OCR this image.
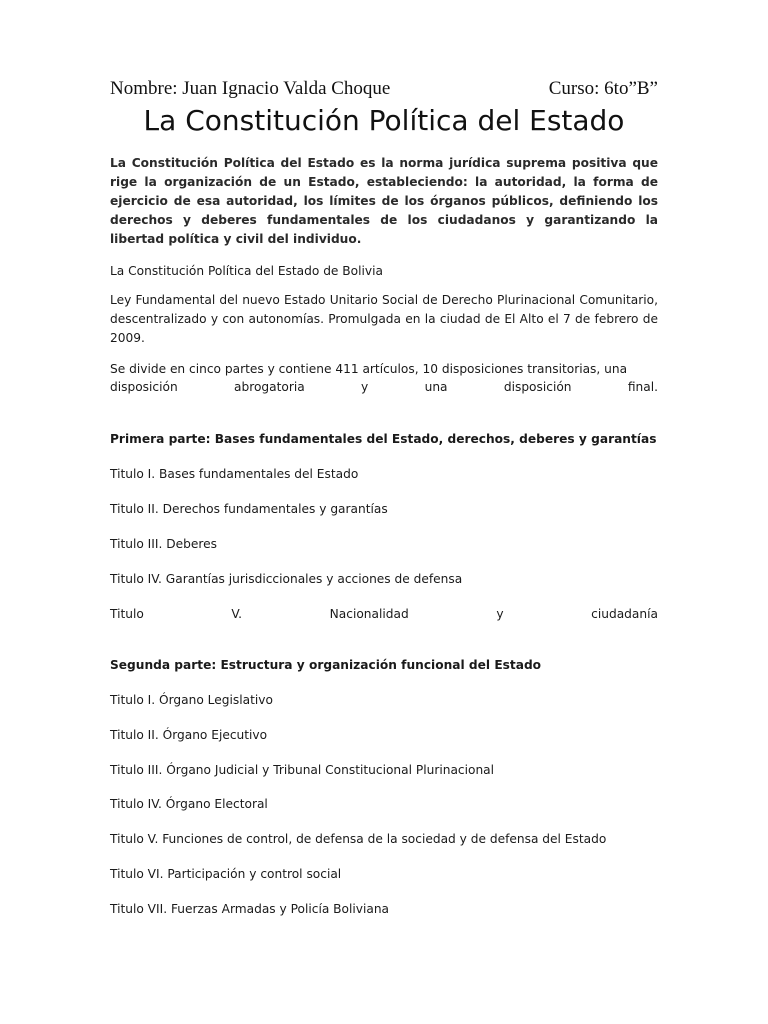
Nombre: Juan Ignacio Valda Choque	Curso: 6to”B”
La Constitución Política del Estado

La Constitución Política del Estado es la norma jurídica suprema positiva que rige la organización de un Estado, estableciendo: la autoridad, la forma de ejercicio de esa autoridad, los límites de los órganos públicos, definiendo los derechos y deberes fundamentales de los ciudadanos y garantizando la libertad política y civil del individuo.

La Constitución Política del Estado de Bolivia

Ley Fundamental del nuevo Estado Unitario Social de Derecho Plurinacional Comunitario, descentralizado y con autonomías. Promulgada en la ciudad de El Alto el 7 de febrero de 2009.

Se divide en cinco partes y contiene 411 artículos, 10 disposiciones transitorias, una

disposición	abrogatoria	y	una	disposición	final.

Primera parte: Bases fundamentales del Estado, derechos, deberes y garantías

Titulo I. Bases fundamentales del Estado

Titulo II. Derechos fundamentales y garantías

Titulo III. Deberes

Titulo IV. Garantías jurisdiccionales y acciones de defensa

Titulo	V.	Nacionalidad	y	ciudadanía

Segunda parte: Estructura y organización funcional del Estado

Titulo I. Órgano Legislativo

Titulo II. Órgano Ejecutivo

Titulo III. Órgano Judicial y Tribunal Constitucional Plurinacional

Titulo IV. Órgano Electoral

Titulo V. Funciones de control, de defensa de la sociedad y de defensa del Estado

Titulo VI. Participación y control social

Titulo VII. Fuerzas Armadas y Policía Boliviana
